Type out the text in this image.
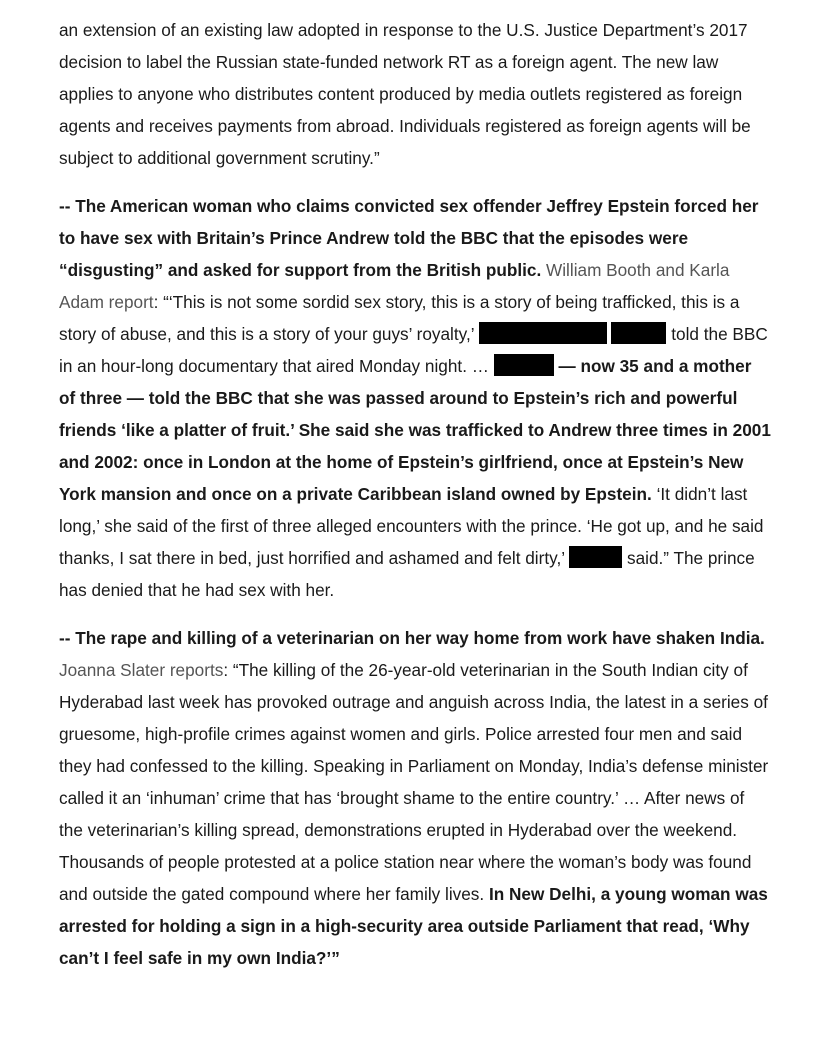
an extension of an existing law adopted in response to the U.S. Justice Department’s 2017 decision to label the Russian state-funded network RT as a foreign agent. The new law applies to anyone who distributes content produced by media outlets registered as foreign agents and receives payments from abroad. Individuals registered as foreign agents will be subject to additional government scrutiny.”

-- The American woman who claims convicted sex offender Jeffrey Epstein forced her to have sex with Britain’s Prince Andrew told the BBC that the episodes were “disgusting” and asked for support from the British public. William Booth and Karla Adam report: “‘This is not some sordid sex story, this is a story of being trafficked, this is a story of abuse, and this is a story of your guys’ royalty,’	told the BBC in an hour-long documentary that aired Monday night. …	— now 35 and a mother of three — told the BBC that she was passed around to Epstein’s rich and powerful friends ‘like a platter of fruit.’ She said she was trafficked to Andrew three times in 2001 and 2002: once in London at the home of Epstein’s girlfriend, once at Epstein’s New York mansion and once on a private Caribbean island owned by Epstein. ‘It didn’t last long,’ she said of the first of three alleged encounters with the prince. ‘He got up, and he said thanks, I sat there in bed, just horrified and ashamed and felt dirty,’	said.” The prince has denied that he had sex with her.

-- The rape and killing of a veterinarian on her way home from work have shaken India. Joanna Slater reports: “The killing of the 26-year-old veterinarian in the South Indian city of Hyderabad last week has provoked outrage and anguish across India, the latest in a series of gruesome, high-profile crimes against women and girls. Police arrested four men and said they had confessed to the killing. Speaking in Parliament on Monday, India’s defense minister called it an ‘inhuman’ crime that has ‘brought shame to the entire country.’ … After news of the veterinarian’s killing spread, demonstrations erupted in Hyderabad over the weekend. Thousands of people protested at a police station near where the woman’s body was found and outside the gated compound where her family lives. In New Delhi, a young woman was arrested for holding a sign in a high-security area outside Parliament that read, ‘Why can’t I feel safe in my own India?’”
